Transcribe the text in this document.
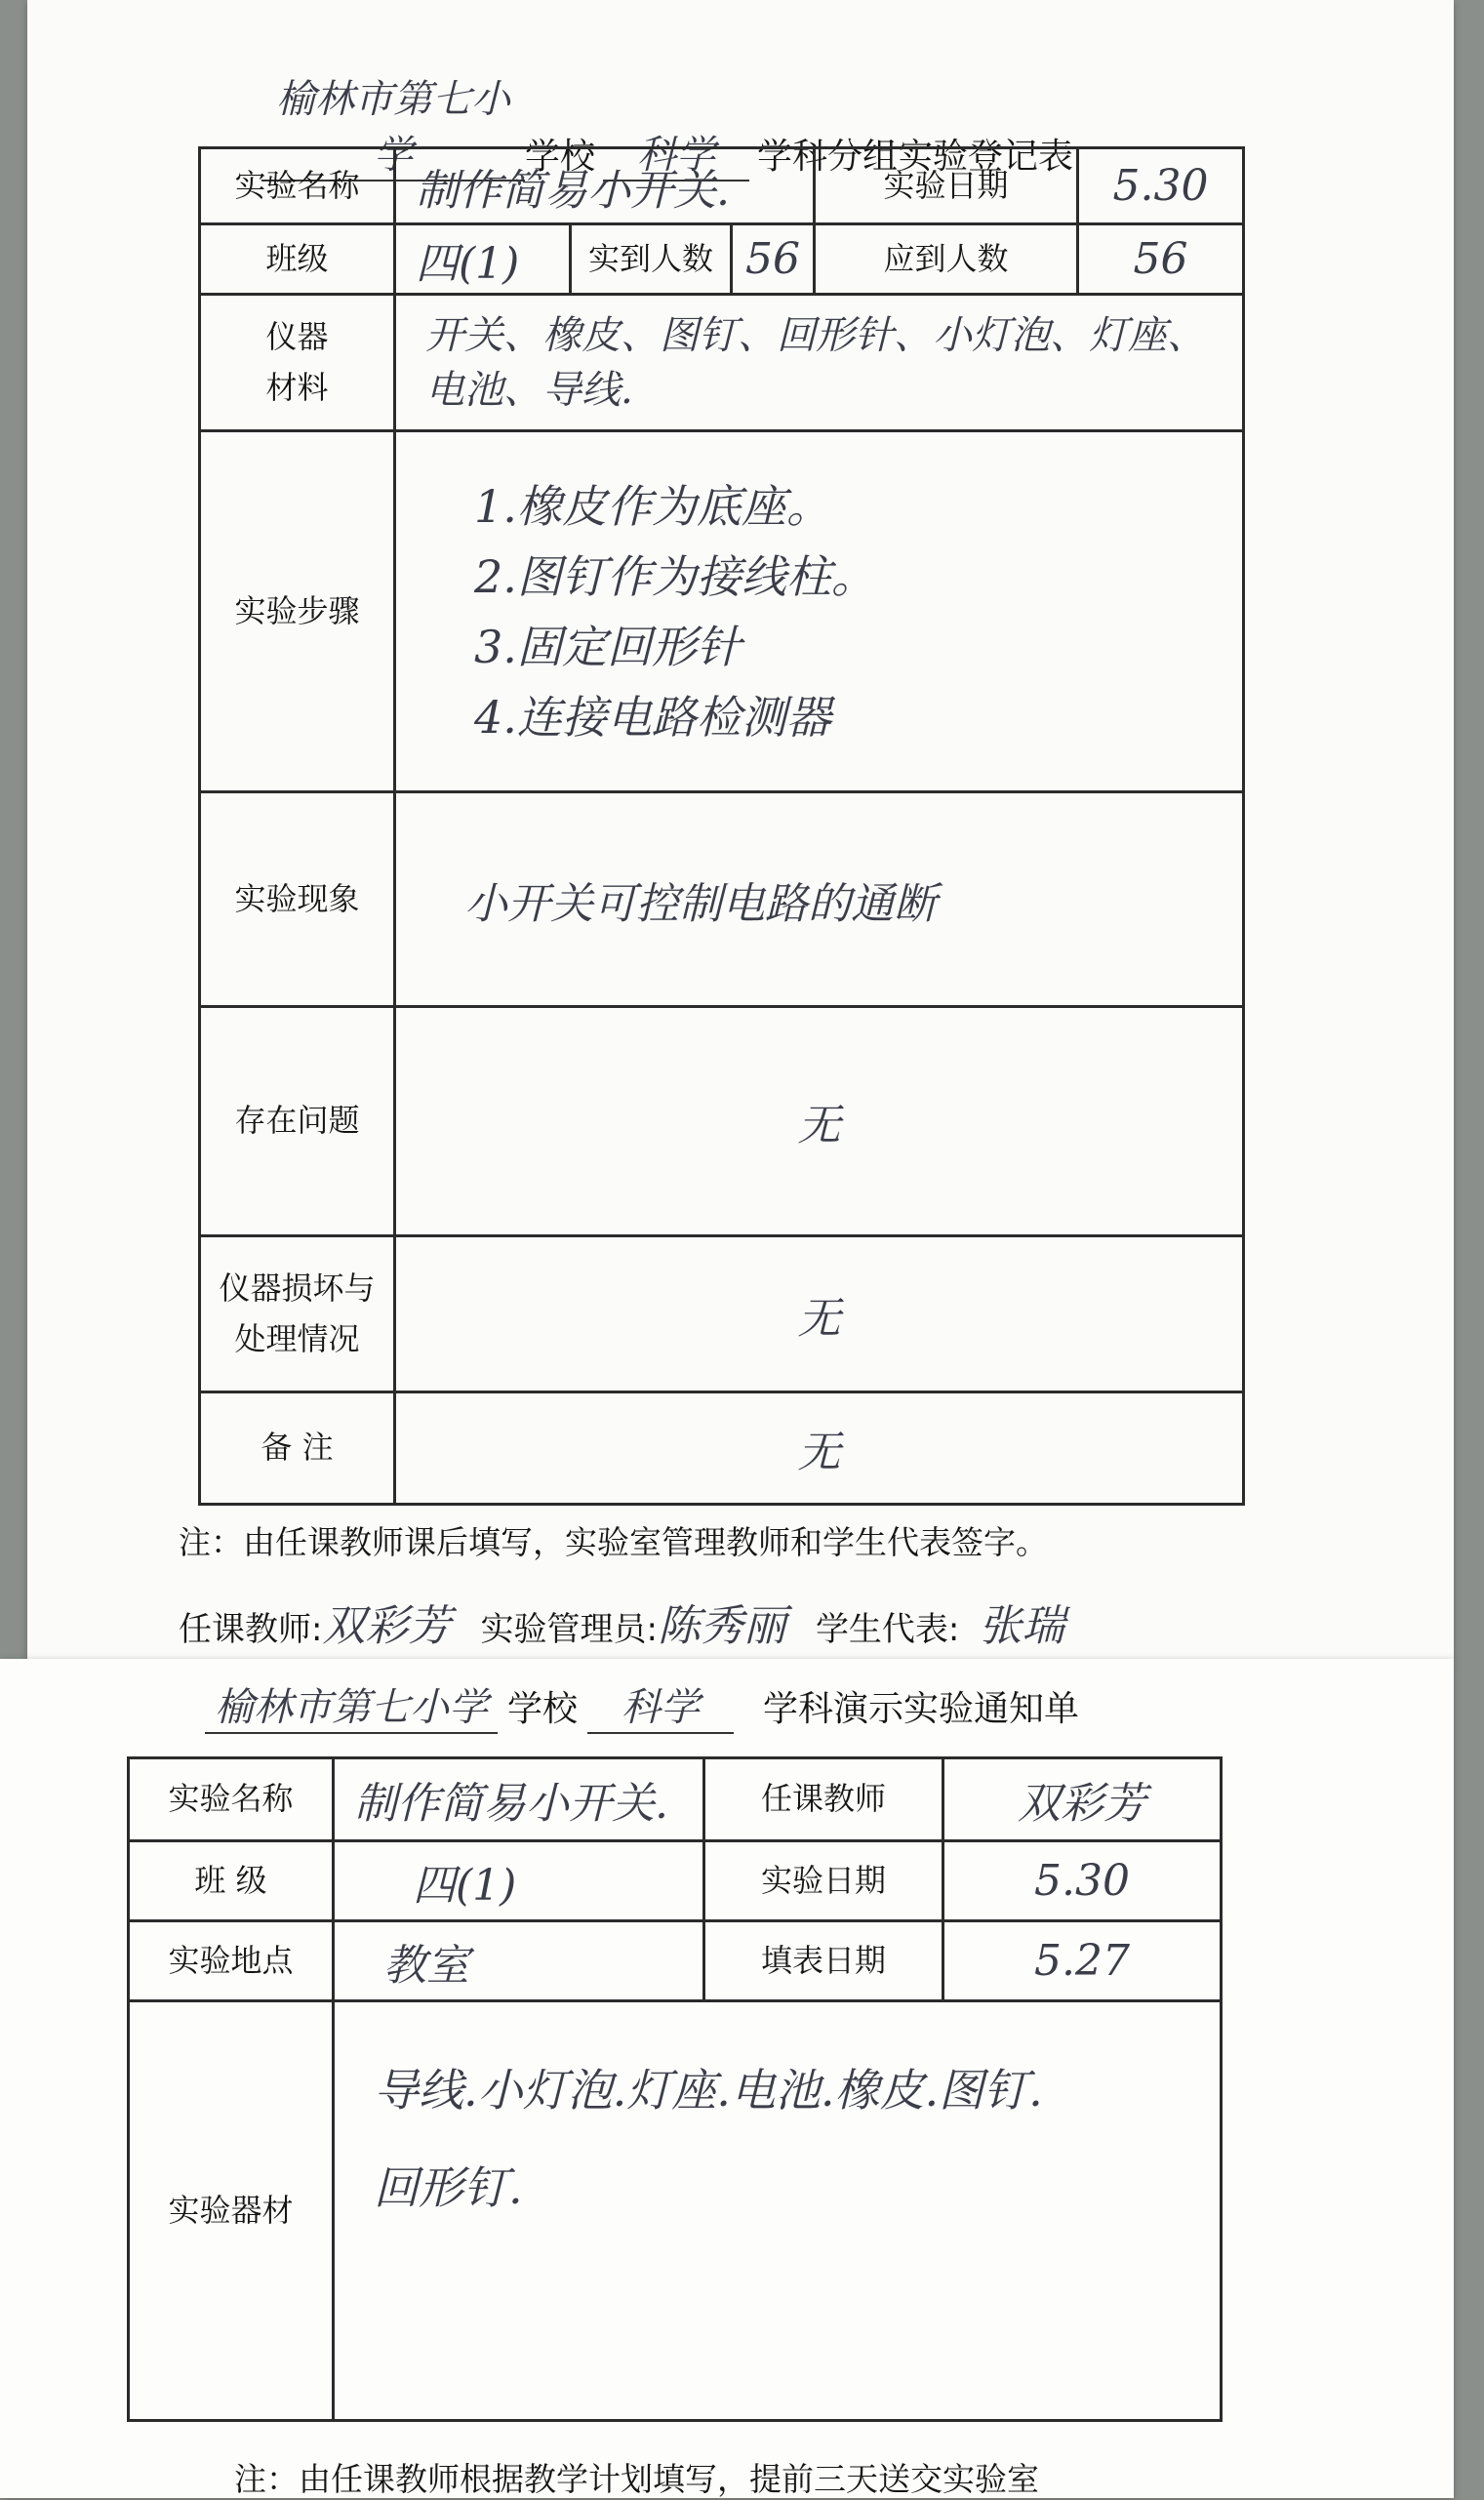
榆林市第七小学	学校 科学 学科分组实验登记表
实验名称	制作简易小开关.			实验日期	5.30
班级	四(1)	实到人数	56	应到人数	56

仪器
材料	开关、橡皮、图钉、回形针、小灯泡、灯座、电池、导线.				
实验步骤	1.橡皮作为底座。
2.图钉作为接线柱。
3.固定回形针
4.连接电路检测器				

实验现象	小开关可控制电路的通断				
存在问题	无				

仪器损坏与
处理情况	无				
备 注	无				
注：由任课教师课后填写，实验室管理教师和学生代表签字。
任课教师:双彩芳 实验管理员:陈秀丽 学生代表: 张瑞
榆林市第七小学 学校 科学 学科演示实验通知单
实验名称	制作简易小开关.	任课教师	双彩芳
班 级	四(1)	实验日期	5.30
实验地点	教室	填表日期	5.27
实验器材	导线.小灯泡.灯座.电池.橡皮.图钉.
回形钉.		
注：由任课教师根据教学计划填写，提前三天送交实验室
